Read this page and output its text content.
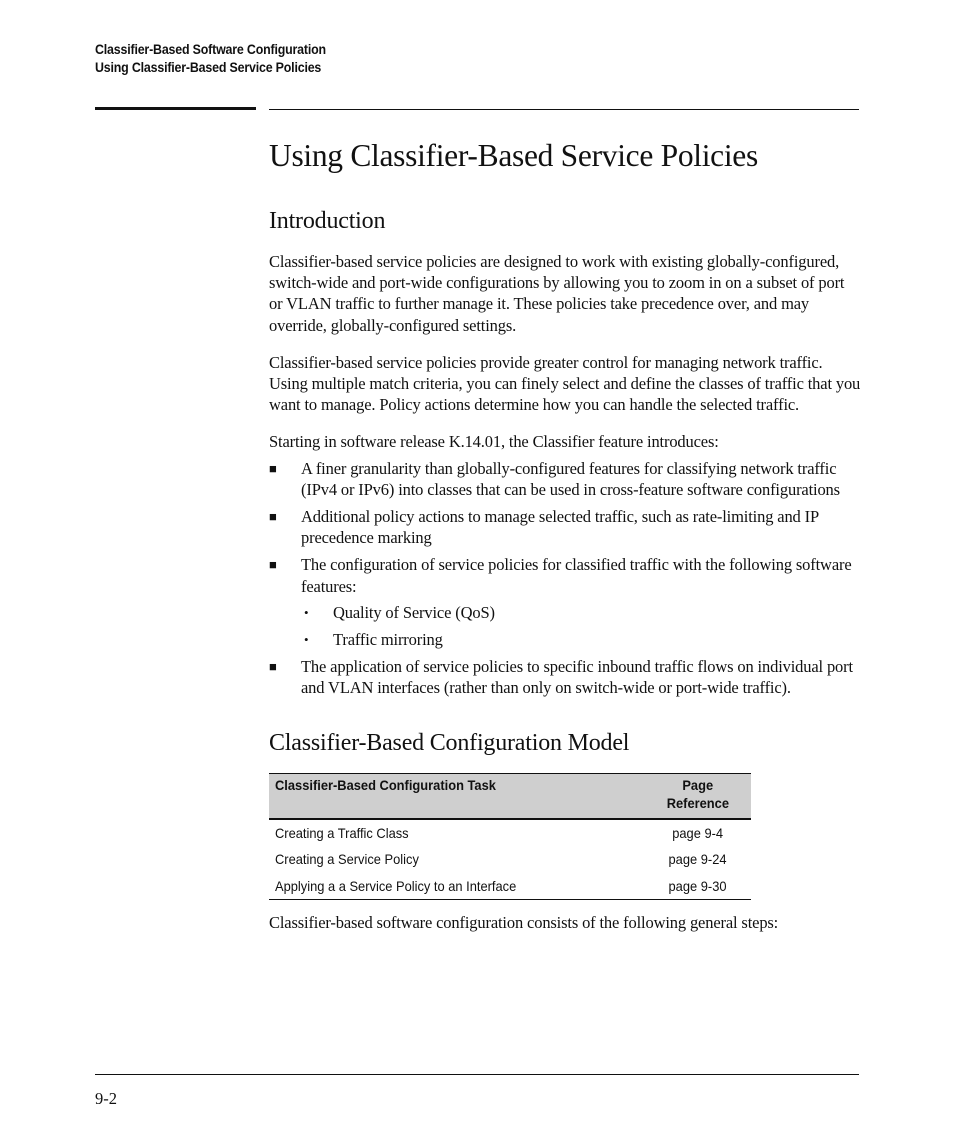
Classifier-Based Software Configuration
Using Classifier-Based Service Policies
Using Classifier-Based Service Policies
Introduction

Classifier-based service policies are designed to work with existing globally-configured, switch-wide and port-wide configurations by allowing you to zoom in on a subset of port or VLAN traffic to further manage it. These policies take precedence over, and may override, globally-configured settings.

Classifier-based service policies provide greater control for managing network traffic. Using multiple match criteria, you can finely select and define the classes of traffic that you want to manage. Policy actions determine how you can handle the selected traffic.

Starting in software release K.14.01, the Classifier feature introduces:

■ A finer granularity than globally-configured features for classifying network traffic (IPv4 or IPv6) into classes that can be used in cross-feature software configurations
■ Additional policy actions to manage selected traffic, such as rate-limiting and IP precedence marking
■ The configuration of service policies for classified traffic with the following software features:
• Quality of Service (QoS)
• Traffic mirroring
■ The application of service policies to specific inbound traffic flows on individual port and VLAN interfaces (rather than only on switch-wide or port-wide traffic).
Classifier-Based Configuration Model
Classifier-Based Configuration Task	Page
Reference
Creating a Traffic Class	page 9-4
Creating a Service Policy	page 9-24
Applying a a Service Policy to an Interface	page 9-30

Classifier-based software configuration consists of the following general steps:

9-2
